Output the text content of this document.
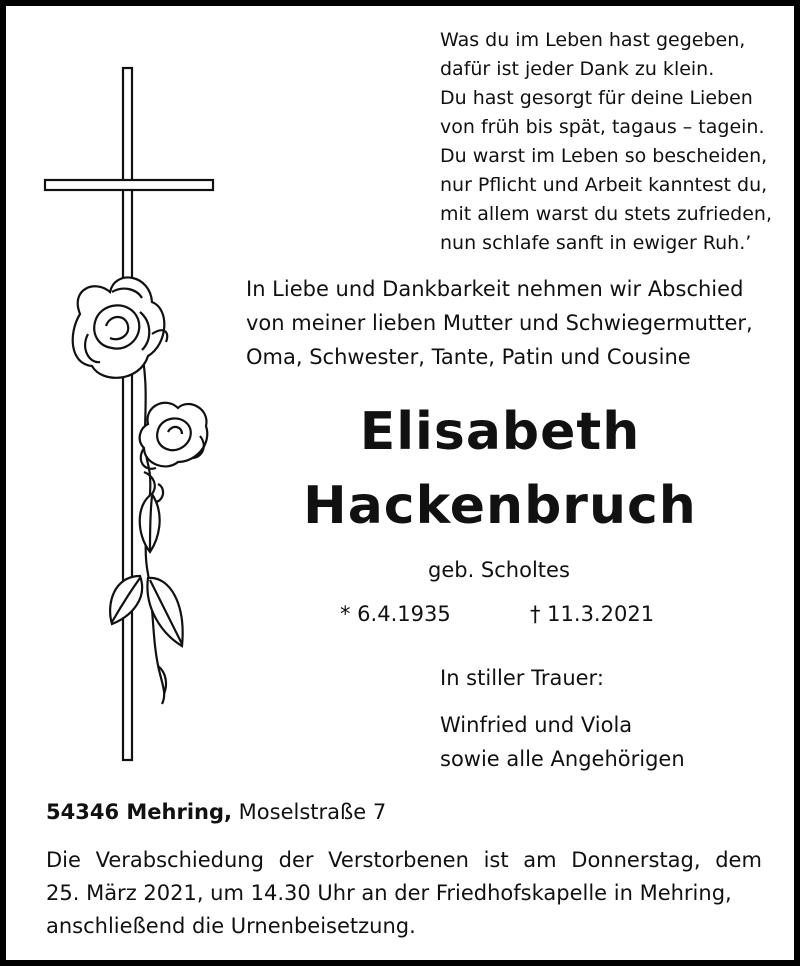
Was du im Leben hast gegeben,
dafür ist jeder Dank zu klein.
Du hast gesorgt für deine Lieben
von früh bis spät, tagaus – tagein.
Du warst im Leben so bescheiden,
nur Pflicht und Arbeit kanntest du,
mit allem warst du stets zufrieden,
nun schlafe sanft in ewiger Ruh.’
In Liebe und Dankbarkeit nehmen wir Abschied
von meiner lieben Mutter und Schwiegermutter,
Oma, Schwester, Tante, Patin und Cousine
Elisabeth
Hackenbruch
geb. Scholtes
* 6.4.1935	† 11.3.2021
In stiller Trauer:
Winfried und Viola
sowie alle Angehörigen
54346 Mehring, Moselstraße 7
Die Verabschiedung der Verstorbenen ist am Donnerstag, dem
25. März 2021, um 14.30 Uhr an der Friedhofskapelle in Mehring,
anschließend die Urnenbeisetzung.
